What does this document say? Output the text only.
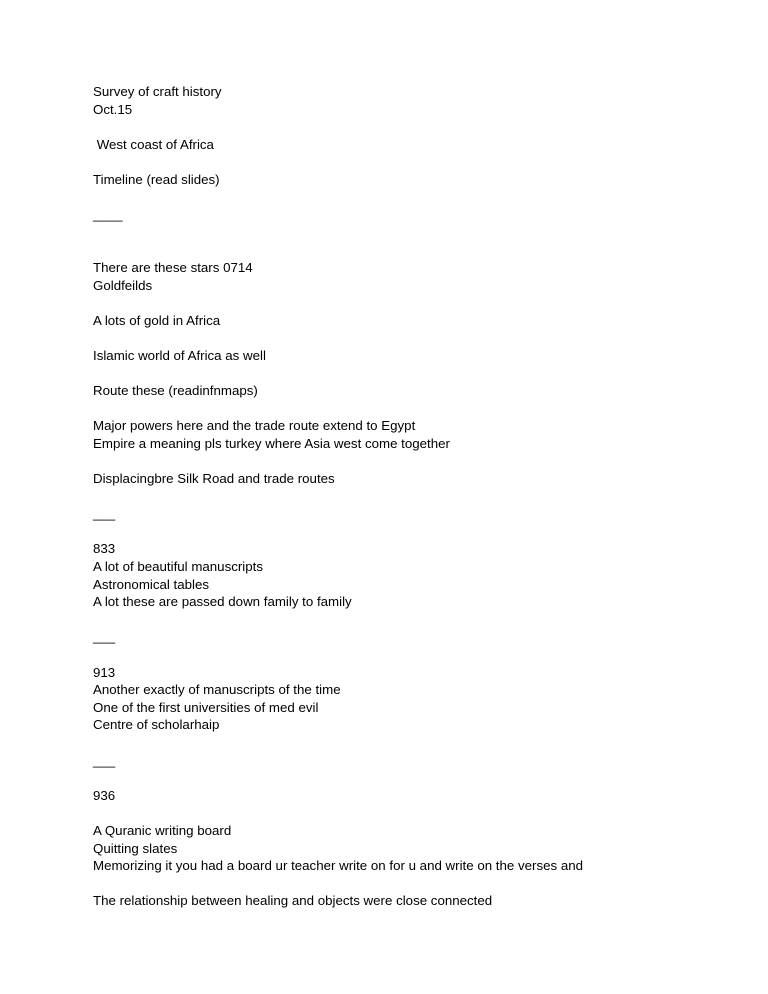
Survey of craft history
Oct.15
West coast of Africa
Timeline (read slides)
____
There are these stars 0714
Goldfeilds
A lots of gold in Africa
Islamic world of Africa as well
Route these (readinfnmaps)
Major powers here and the trade route extend to Egypt
Empire a meaning pls turkey where Asia west come together
Displacingbre Silk Road and trade routes
___
833
A lot of beautiful manuscripts
Astronomical tables
A lot these are passed down family to family
___
913
Another exactly of manuscripts of the time
One of the first universities of med evil
Centre of scholarhaip
___
936
A Quranic writing board
Quitting slates
Memorizing it you had a board ur teacher write on for u and write on the verses and
The relationship between healing and objects were close connected
